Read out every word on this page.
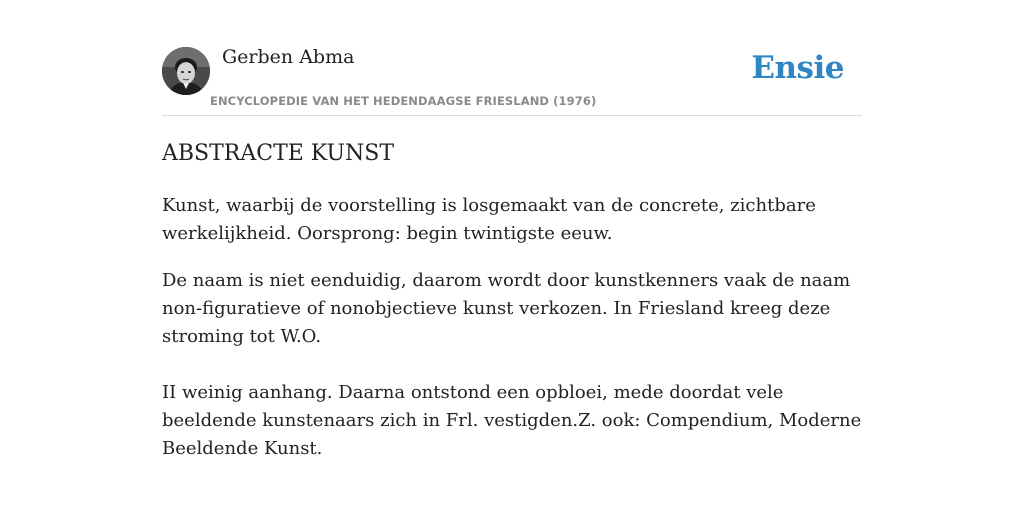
Gerben Abma
ENCYCLOPEDIE VAN HET HEDENDAAGSE FRIESLAND (1976)
Ensie
ABSTRACTE KUNST

Kunst, waarbij de voorstelling is losgemaakt van de concrete, zichtbare werkelijkheid. Oorsprong: begin twintigste eeuw.

De naam is niet eenduidig, daarom wordt door kunstkenners vaak de naam non-figuratieve of nonobjectieve kunst verkozen. In Friesland kreeg deze stroming tot W.O.

II weinig aanhang. Daarna ontstond een opbloei, mede doordat vele beeldende kunstenaars zich in Frl. vestigden.Z. ook: Compendium, Moderne Beeldende Kunst.
